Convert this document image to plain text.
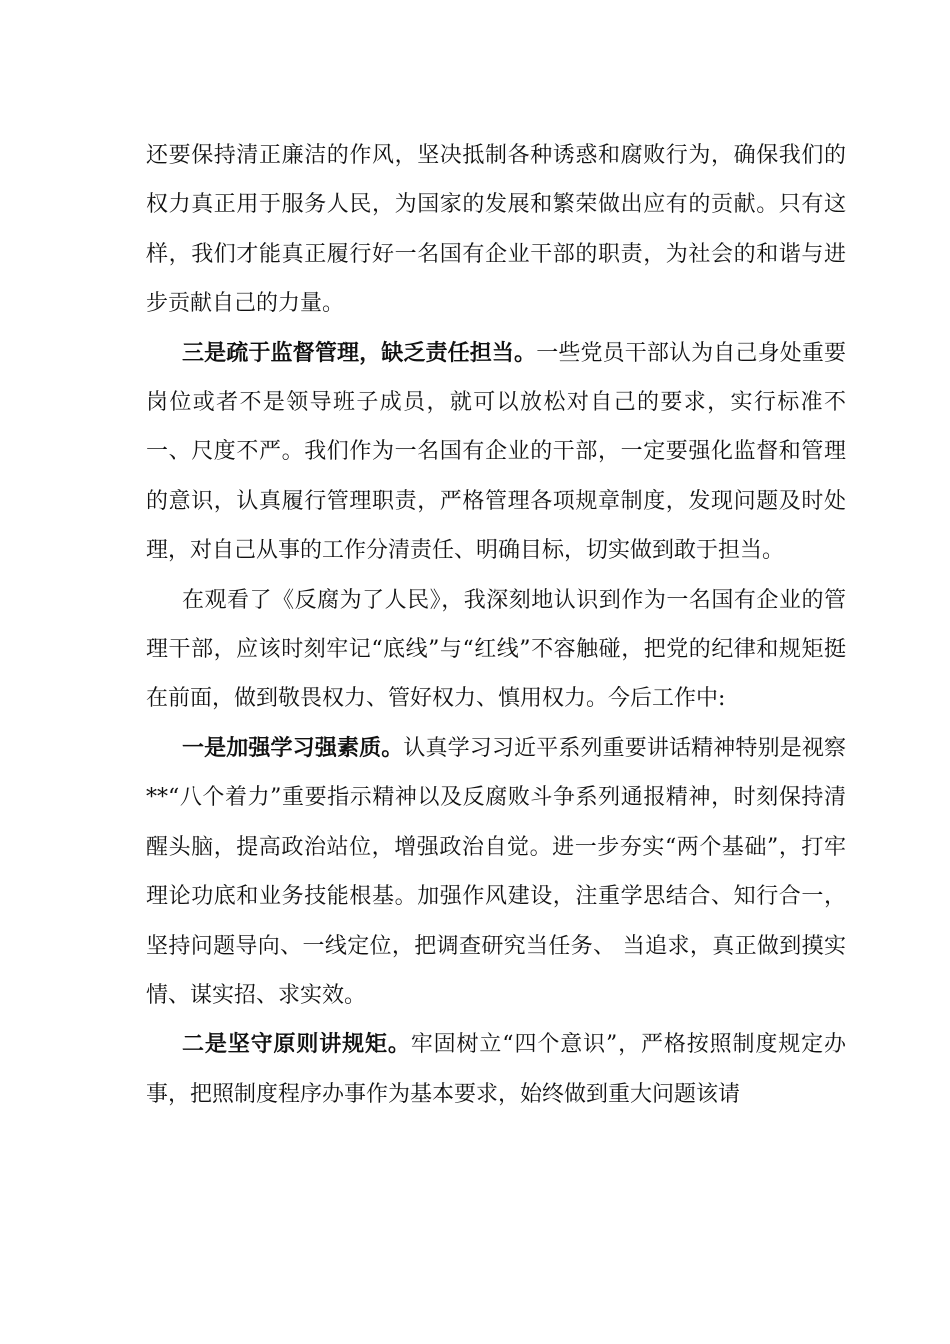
还要保持清正廉洁的作风，坚决抵制各种诱惑和腐败行为，确保我们的权力真正用于服务人民，为国家的发展和繁荣做出应有的贡献。只有这样，我们才能真正履行好一名国有企业干部的职责，为社会的和谐与进步贡献自己的力量。

三是疏于监督管理，缺乏责任担当。一些党员干部认为自己身处重要岗位或者不是领导班子成员，就可以放松对自己的要求，实行标准不一、尺度不严。我们作为一名国有企业的干部，一定要强化监督和管理的意识，认真履行管理职责，严格管理各项规章制度，发现问题及时处理，对自己从事的工作分清责任、明确目标，切实做到敢于担当。

在观看了《反腐为了人民》，我深刻地认识到作为一名国有企业的管理干部，应该时刻牢记“底线”与“红线”不容触碰，把党的纪律和规矩挺在前面，做到敬畏权力、管好权力、慎用权力。今后工作中:

一是加强学习强素质。认真学习习近平系列重要讲话精神特别是视察**“八个着力”重要指示精神以及反腐败斗争系列通报精神，时刻保持清醒头脑，提高政治站位，增强政治自觉。进一步夯实“两个基础”，打牢理论功底和业务技能根基。加强作风建设，注重学思结合、知行合一，坚持问题导向、一线定位，把调查研究当任务、 当追求，真正做到摸实情、谋实招、求实效。

二是坚守原则讲规矩。牢固树立“四个意识”，严格按照制度规定办事，把照制度程序办事作为基本要求，始终做到重大问题该请
